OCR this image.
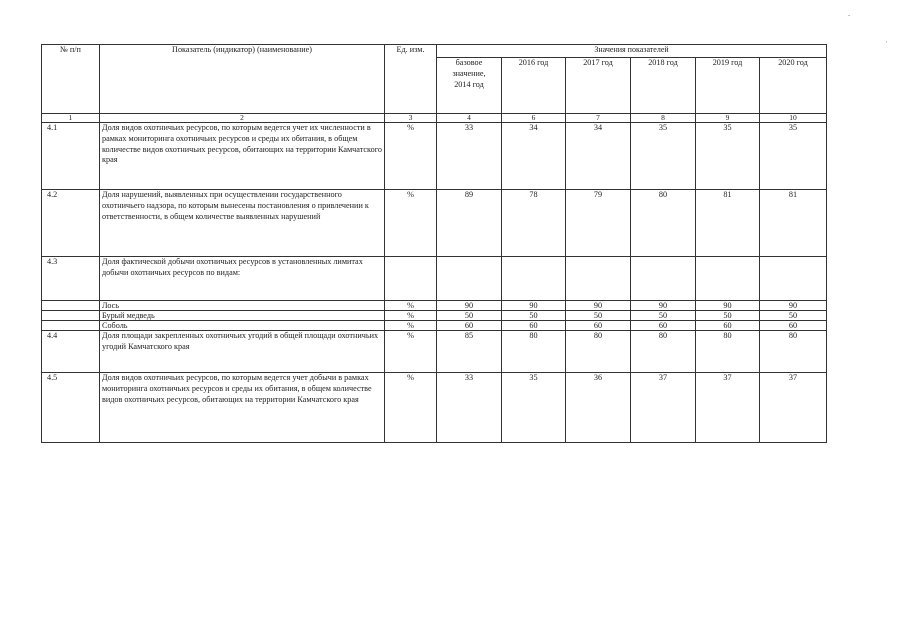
-
'
№ п/п	Показатель (индикатор) (наименование)	Ед. изм.	Значения показателей					
			базовое значение, 2014 год	2016 год	2017 год	2018 год	2019 год	2020 год
1	2	3	4	6	7	8	9	10
4.1	Доля видов охотничьих ресурсов, по которым ведется учет их численности в рамках мониторинга охотничьих ресурсов и среды их обитания, в общем количестве видов охотничьих ресурсов, обитающих на территории Камчатского края	%	33	34	34	35	35	35
4.2	Доля нарушений, выявленных при осуществлении государственного охотничьего надзора, по которым вынесены постановления о привлечении к ответственности, в общем количестве выявленных нарушений	%	89	78	79	80	81	81
4.3	Доля фактической добычи охотничьих ресурсов в установленных лимитах добычи охотничьих ресурсов по видам:							
	Лось	%	90	90	90	90	90	90
	Бурый медведь	%	50	50	50	50	50	50
	Соболь	%	60	60	60	60	60	60
4.4	Доля площади закрепленных охотничьих угодий в общей площади охотничьих угодий Камчатского края	%	85	80	80	80	80	80
4.5	Доля видов охотничьих ресурсов, по которым ведется учет добычи в рамках мониторинга охотничьих ресурсов и среды их обитания, в общем количестве видов охотничьих ресурсов, обитающих на территории Камчатского края	%	33	35	36	37	37	37
